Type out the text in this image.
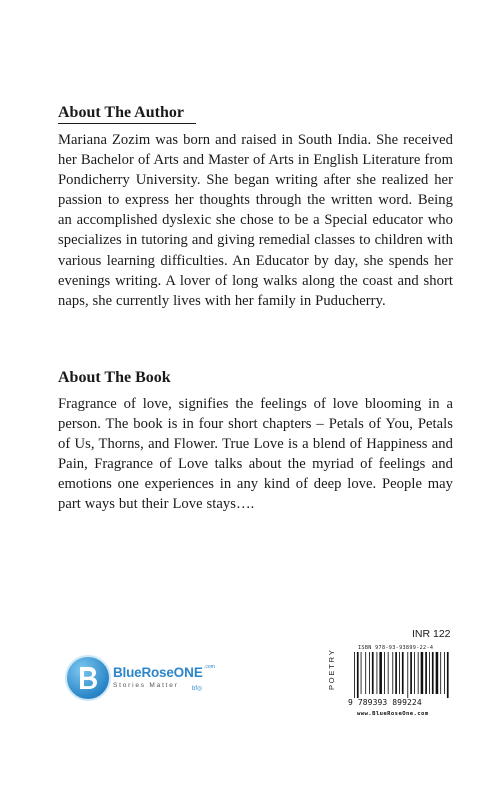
About The Author

Mariana Zozim was born and raised in South India. She received her Bachelor of Arts and Master of Arts in English Literature from Pondicherry University. She began writing after she realized her passion to express her thoughts through the written word. Being an accomplished dyslexic she chose to be a Special educator who specializes in tutoring and giving remedial classes to children with various learning difficulties. An Educator by day, she spends her evenings writing. A lover of long walks along the coast and short naps, she currently lives with her family in Puducherry.

About The Book

Fragrance of love, signifies the feelings of love blooming in a person. The book is in four short chapters – Petals of You, Petals of Us, Thorns, and Flower. True Love is a blend of Happiness and Pain, Fragrance of Love talks about the myriad of feelings and emotions one experiences in any kind of deep love. People may part ways but their Love stays….

BlueRoseONE$^{.com}$
Stories Matter	bf◎
INR 122
POETRY
ISBN 978-93-93899-22-4
9 789393 899224
www.BlueRoseOne.com
